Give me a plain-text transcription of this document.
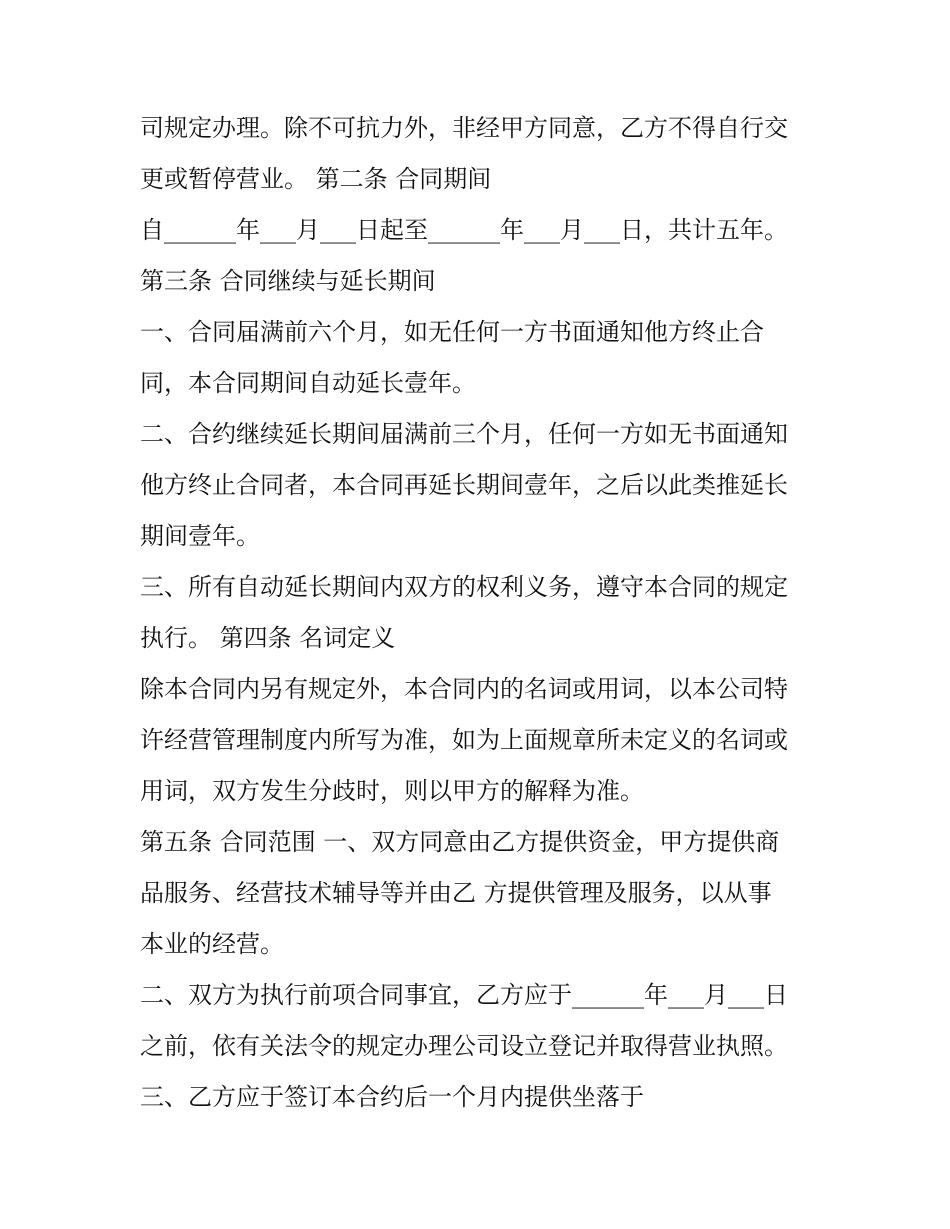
司规定办理。除不可抗力外，非经甲方同意，乙方不得自行交
更或暂停营业。 第二条 合同期间
自______年___月___日起至______年___月___日，共计五年。
第三条 合同继续与延长期间
一、合同届满前六个月，如无任何一方书面通知他方终止合
同，本合同期间自动延长壹年。
二、合约继续延长期间届满前三个月，任何一方如无书面通知
他方终止合同者，本合同再延长期间壹年，之后以此类推延长
期间壹年。
三、所有自动延长期间内双方的权利义务，遵守本合同的规定
执行。 第四条 名词定义
除本合同内另有规定外，本合同内的名词或用词，以本公司特
许经营管理制度内所写为准，如为上面规章所未定义的名词或
用词，双方发生分歧时，则以甲方的解释为准。
第五条 合同范围 一、双方同意由乙方提供资金，甲方提供商
品服务、经营技术辅导等并由乙 方提供管理及服务，以从事
本业的经营。
二、双方为执行前项合同事宜，乙方应于______年___月___日
之前，依有关法令的规定办理公司设立登记并取得营业执照。
三、乙方应于签订本合约后一个月内提供坐落于
